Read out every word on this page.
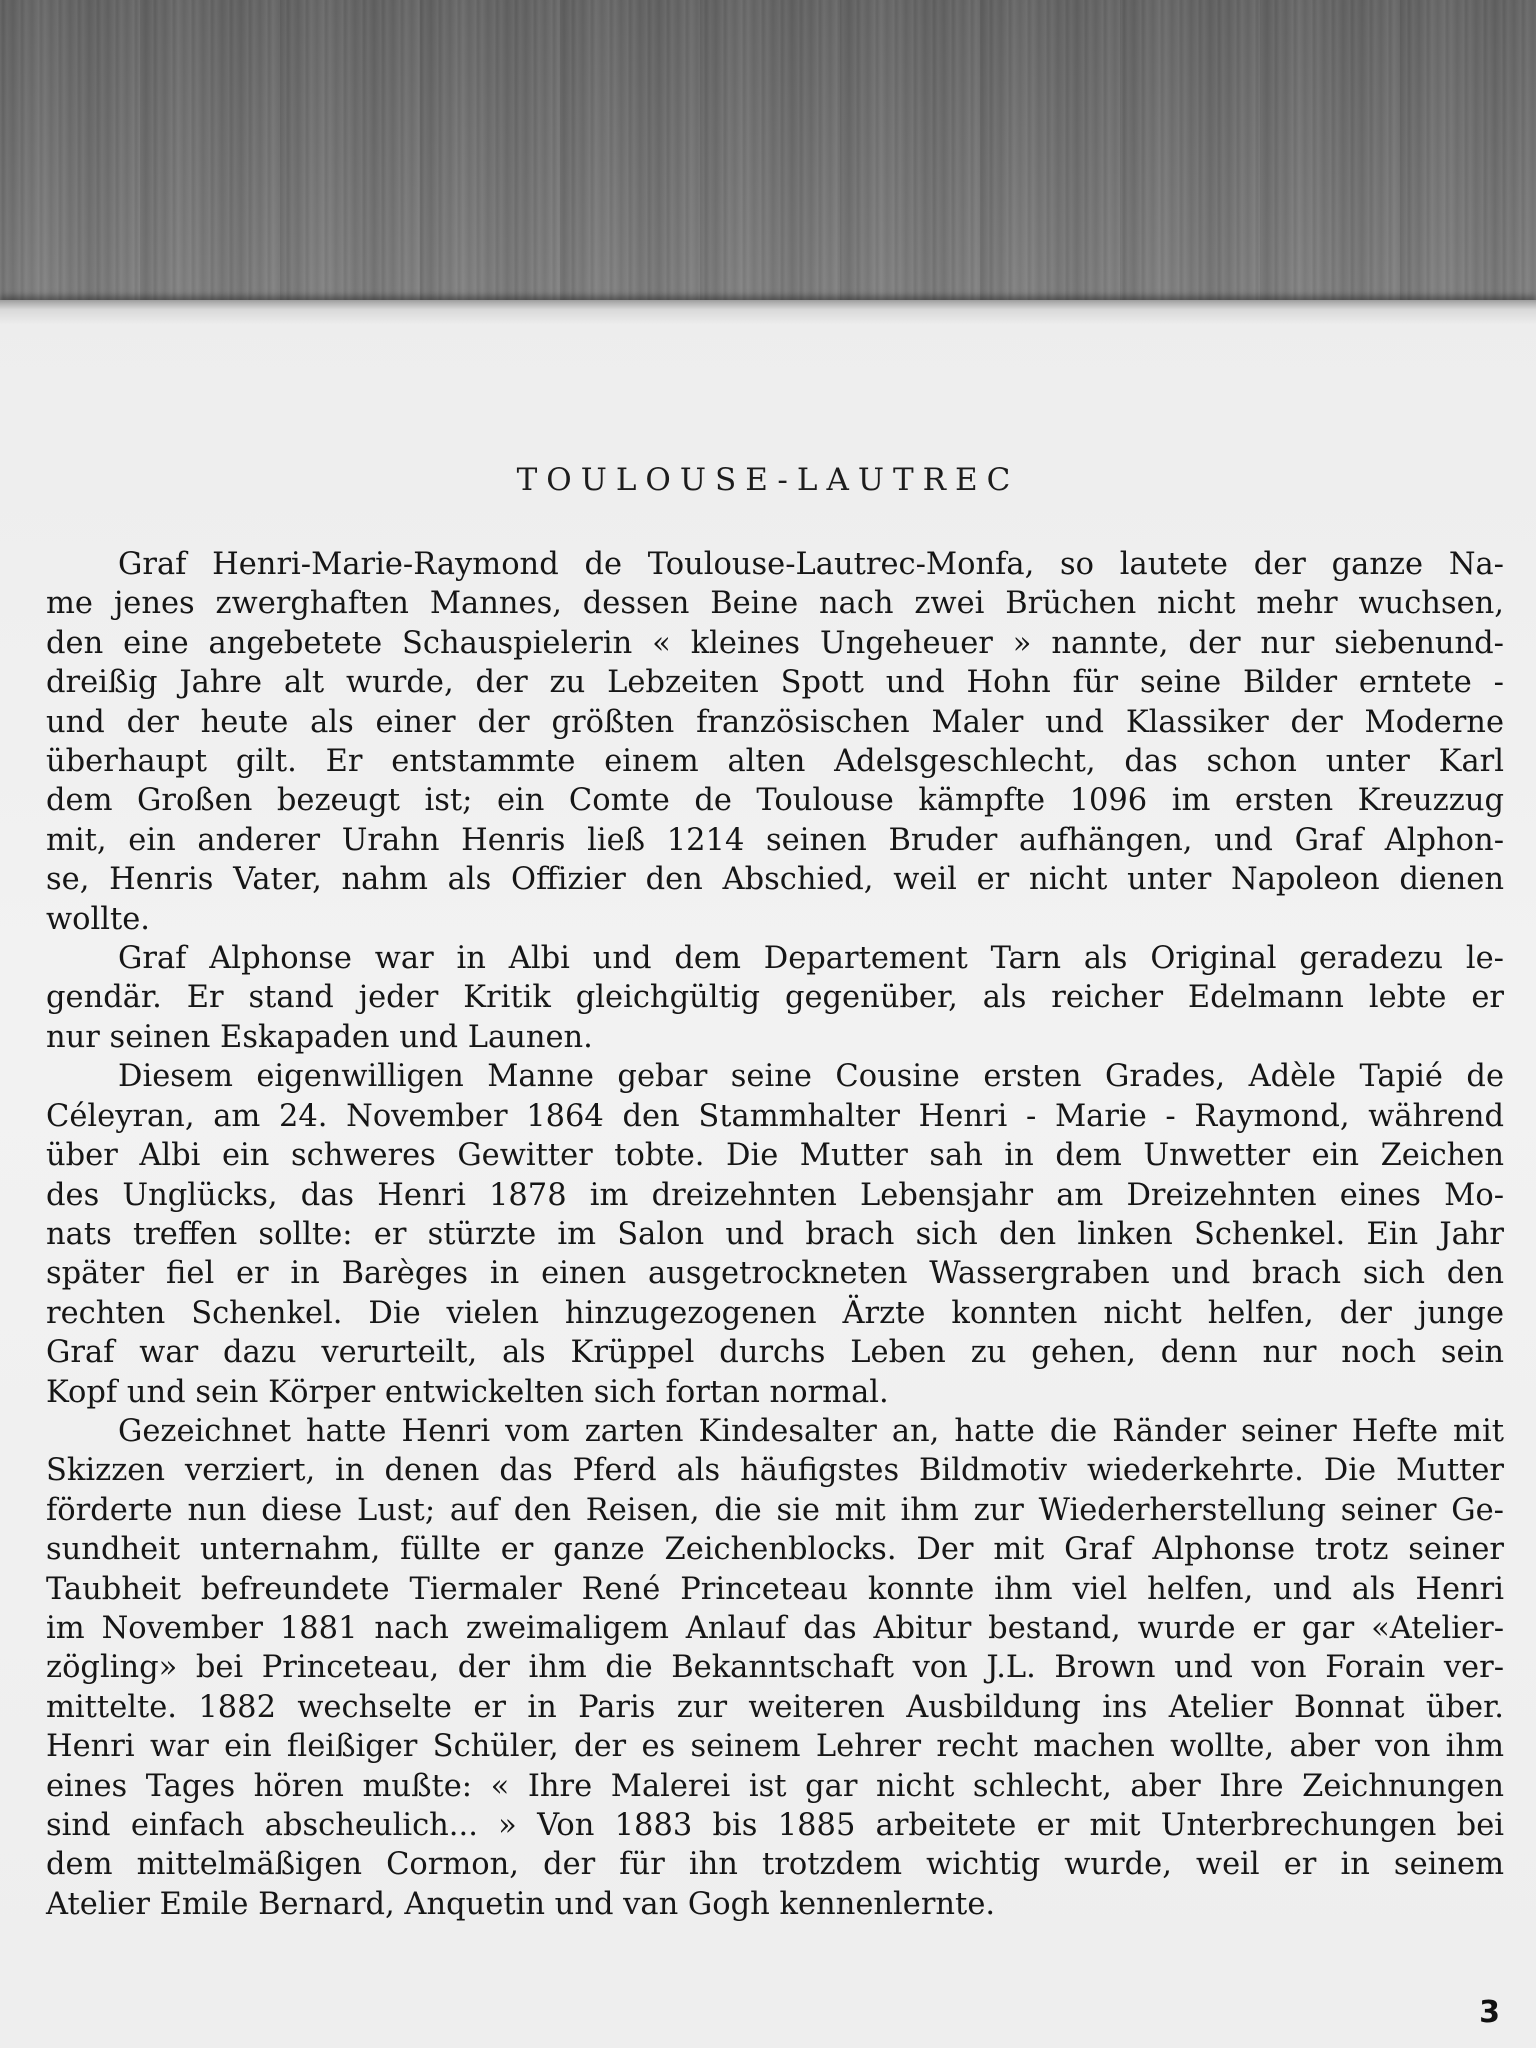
TOULOUSE-LAUTREC
Graf Henri-Marie-Raymond de Toulouse-Lautrec-Monfa, so lautete der ganze Na-
me jenes zwerghaften Mannes, dessen Beine nach zwei Brüchen nicht mehr wuchsen,
den eine angebetete Schauspielerin « kleines Ungeheuer » nannte, der nur siebenund-
dreißig Jahre alt wurde, der zu Lebzeiten Spott und Hohn für seine Bilder erntete -
und der heute als einer der größten französischen Maler und Klassiker der Moderne
überhaupt gilt. Er entstammte einem alten Adelsgeschlecht, das schon unter Karl
dem Großen bezeugt ist; ein Comte de Toulouse kämpfte 1096 im ersten Kreuzzug
mit, ein anderer Urahn Henris ließ 1214 seinen Bruder aufhängen, und Graf Alphon-
se, Henris Vater, nahm als Offizier den Abschied, weil er nicht unter Napoleon dienen
wollte.
Graf Alphonse war in Albi und dem Departement Tarn als Original geradezu le-
gendär. Er stand jeder Kritik gleichgültig gegenüber, als reicher Edelmann lebte er
nur seinen Eskapaden und Launen.
Diesem eigenwilligen Manne gebar seine Cousine ersten Grades, Adèle Tapié de
Céleyran, am 24. November 1864 den Stammhalter Henri - Marie - Raymond, während
über Albi ein schweres Gewitter tobte. Die Mutter sah in dem Unwetter ein Zeichen
des Unglücks, das Henri 1878 im dreizehnten Lebensjahr am Dreizehnten eines Mo-
nats treffen sollte: er stürzte im Salon und brach sich den linken Schenkel. Ein Jahr
später fiel er in Barèges in einen ausgetrockneten Wassergraben und brach sich den
rechten Schenkel. Die vielen hinzugezogenen Ärzte konnten nicht helfen, der junge
Graf war dazu verurteilt, als Krüppel durchs Leben zu gehen, denn nur noch sein
Kopf und sein Körper entwickelten sich fortan normal.
Gezeichnet hatte Henri vom zarten Kindesalter an, hatte die Ränder seiner Hefte mit
Skizzen verziert, in denen das Pferd als häufigstes Bildmotiv wiederkehrte. Die Mutter
förderte nun diese Lust; auf den Reisen, die sie mit ihm zur Wiederherstellung seiner Ge-
sundheit unternahm, füllte er ganze Zeichenblocks. Der mit Graf Alphonse trotz seiner
Taubheit befreundete Tiermaler René Princeteau konnte ihm viel helfen, und als Henri
im November 1881 nach zweimaligem Anlauf das Abitur bestand, wurde er gar «Atelier-
zögling» bei Princeteau, der ihm die Bekanntschaft von J.L. Brown und von Forain ver-
mittelte. 1882 wechselte er in Paris zur weiteren Ausbildung ins Atelier Bonnat über.
Henri war ein fleißiger Schüler, der es seinem Lehrer recht machen wollte, aber von ihm
eines Tages hören mußte: « Ihre Malerei ist gar nicht schlecht, aber Ihre Zeichnungen
sind einfach abscheulich... » Von 1883 bis 1885 arbeitete er mit Unterbrechungen bei
dem mittelmäßigen Cormon, der für ihn trotzdem wichtig wurde, weil er in seinem
Atelier Emile Bernard, Anquetin und van Gogh kennenlernte.
3
